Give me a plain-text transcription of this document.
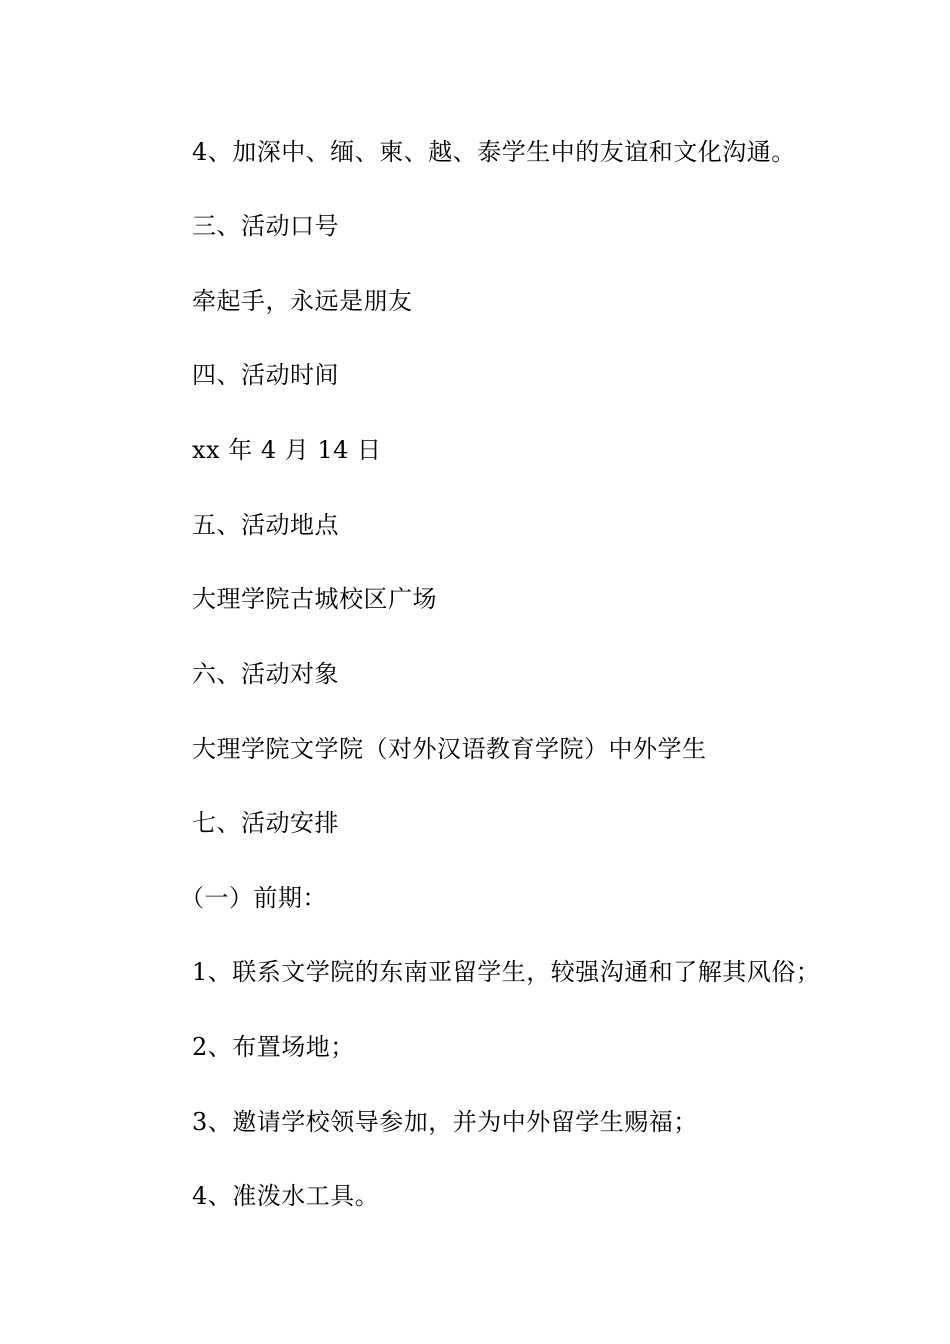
4、加深中、缅、柬、越、泰学生中的友谊和文化沟通。
三、活动口号
牵起手，永远是朋友
四、活动时间
xx 年 4 月 14 日
五、活动地点
大理学院古城校区广场
六、活动对象
大理学院文学院（对外汉语教育学院）中外学生
七、活动安排
（一）前期：
1、联系文学院的东南亚留学生，较强沟通和了解其风俗；
2、布置场地；
3、邀请学校领导参加，并为中外留学生赐福；
4、准泼水工具。
